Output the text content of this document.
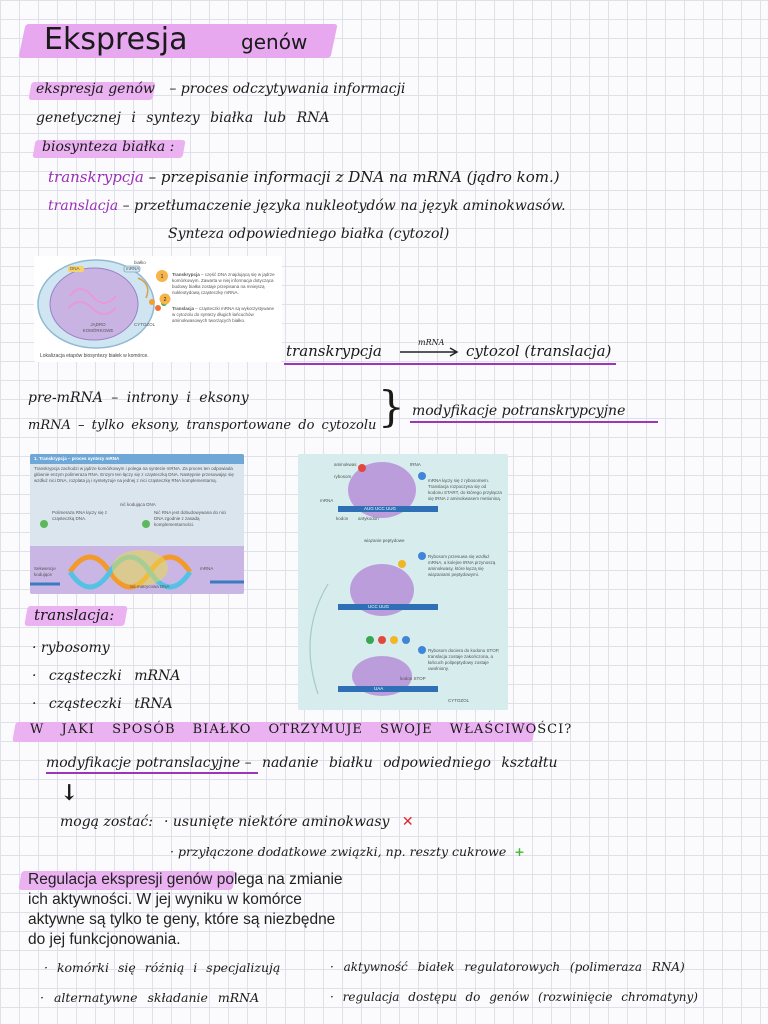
Ekspresja	genów
ekspresja genów – proces odczytywania informacji
genetycznej i syntezy białka lub RNA
biosynteza białka :
transkrypcja – przepisanie informacji z DNA na mRNA (jądro kom.)
translacja – przetłumaczenie języka nukleotydów na język aminokwasów.
Synteza odpowiedniego białka (cytozol)
1
2
DNA	mRNA
białko
JĄDRO KOMÓRKOWE
CYTOZOL
Transkrypcja – część DNA znajdującą się w jądrze komórkowym. Zawarta w niej informacja dotycząca budowy białka zostaje przepisana na mniejszą nukleotydową cząsteczkę mRNA.
Translacja – cząsteczki mRNA są wykorzystywane w cytozolu do syntezy długich łańcuchów aminokwasowych tworzących białko.
Lokalizacja etapów biosyntezy białek w komórce.	transkrypcja	mRNA cytozol (translacja)
pre-mRNA – introny i eksony
mRNA – tylko eksony, transportowane do cytozolu } modyfikacje potranskrypcyjne
1. Transkrypcja – proces syntezy mRNA
Transkrypcja zachodzi w jądrze komórkowym i polega na syntezie mRNA. Za proces ten odpowiada głównie enzym polimeraza RNA. Enzym ten łączy się z cząsteczką DNA. Następnie przesuwając się wzdłuż nici DNA, rozplata ją i syntetyzuje na jednej z nici cząsteczkę RNA komplementarną.
Polimeraza RNA łączy się z cząsteczką DNA.
Nić RNA jest dobudowywana do nici DNA zgodnie z zasadą komplementarności.
Sekwencje kodujące
nić kodująca DNA
nić matrycowa DNA
mRNA
aminokwas
rybosom
mRNA
kodon antykodon
tRNA
wiązanie peptydowe
kodon STOP
CYTOZOL
AUG UCC UUG
UCC UUG
UAA
mRNA łączy się z rybosomem. Translacja rozpoczyna się od kodonu START, do którego przyłącza się tRNA z aminokwasem metioniną.
Rybosom przesuwa się wzdłuż mRNA, a kolejne tRNA przynoszą aminokwasy, które łączą się wiązaniami peptydowymi.
Rybosom dociera do kodonu STOP, translacja zostaje zakończona, a łańcuch polipeptydowy zostaje uwolniony.
translacja:
· rybosomy
· cząsteczki mRNA
· cząsteczki tRNA
W JAKI SPOSÓB BIAŁKO OTRZYMUJE SWOJE WŁAŚCIWOŚCI?
modyfikacje potranslacyjne – nadanie białku odpowiedniego kształtu
↓
mogą zostać: · usunięte niektóre aminokwasy ✕
· przyłączone dodatkowe związki, np. reszty cukrowe +
Regulacja ekspresji genów polega na zmianie
ich aktywności. W jej wyniku w komórce
aktywne są tylko te geny, które są niezbędne
do jej funkcjonowania.
· komórki się różnią i specjalizują
· alternatywne składanie mRNA
· aktywność białek regulatorowych (polimeraza RNA)
· regulacja dostępu do genów (rozwinięcie chromatyny)
